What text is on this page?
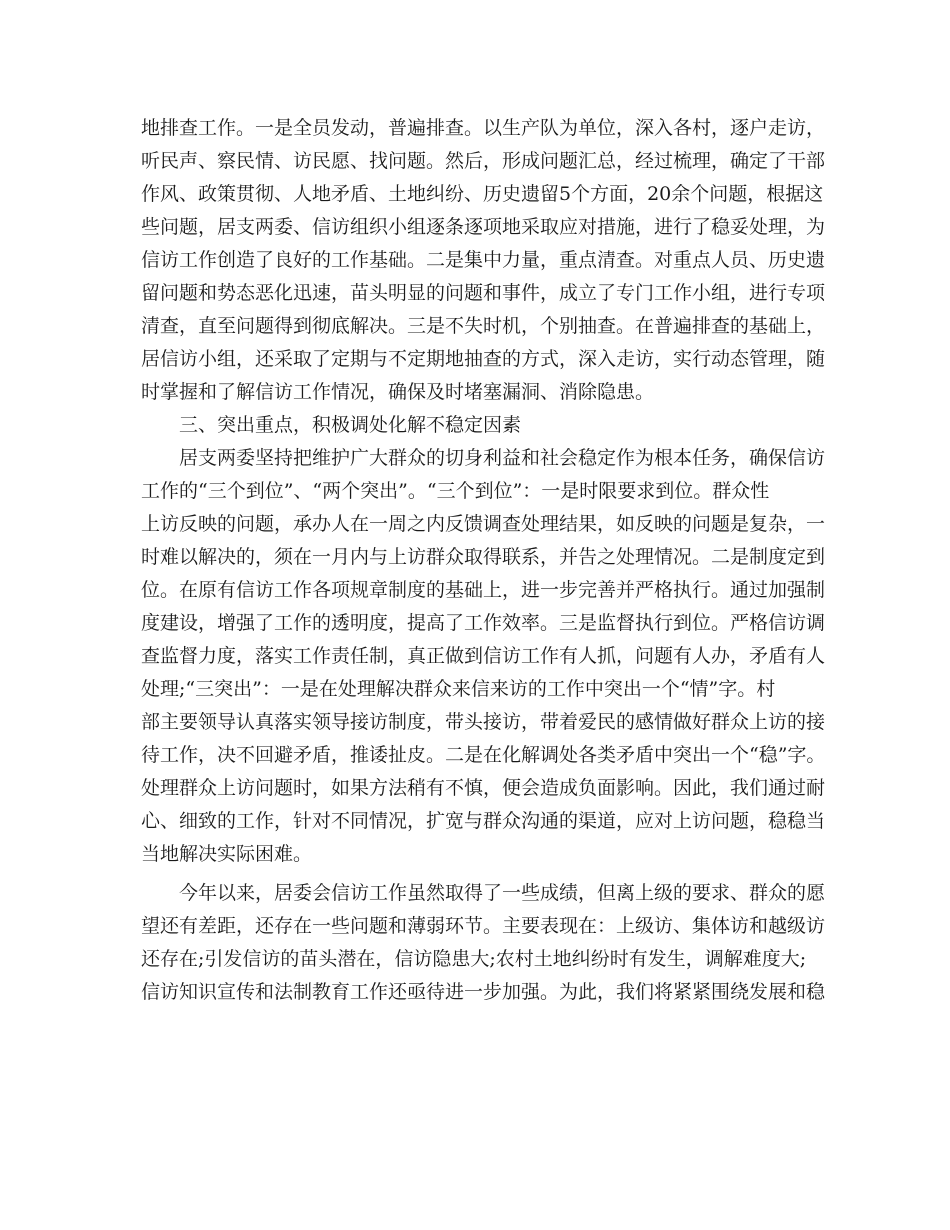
地排查工作。一是全员发动，普遍排查。以生产队为单位，深入各村，逐户走访，
听民声、察民情、访民愿、找问题。然后，形成问题汇总，经过梳理，确定了干部
作风、政策贯彻、人地矛盾、土地纠纷、历史遗留5个方面，20余个问题，根据这
些问题，居支两委、信访组织小组逐条逐项地采取应对措施，进行了稳妥处理，为
信访工作创造了良好的工作基础。二是集中力量，重点清查。对重点人员、历史遗
留问题和势态恶化迅速，苗头明显的问题和事件，成立了专门工作小组，进行专项
清查，直至问题得到彻底解决。三是不失时机，个别抽查。在普遍排查的基础上，
居信访小组，还采取了定期与不定期地抽查的方式，深入走访，实行动态管理，随
时掌握和了解信访工作情况，确保及时堵塞漏洞、消除隐患。
三、突出重点，积极调处化解不稳定因素
居支两委坚持把维护广大群众的切身利益和社会稳定作为根本任务，确保信访
工作的“三个到位”、“两个突出”。“三个到位”：一是时限要求到位。群众性
上访反映的问题，承办人在一周之内反馈调查处理结果，如反映的问题是复杂，一
时难以解决的，须在一月内与上访群众取得联系，并告之处理情况。二是制度定到
位。在原有信访工作各项规章制度的基础上，进一步完善并严格执行。通过加强制
度建设，增强了工作的透明度，提高了工作效率。三是监督执行到位。严格信访调
查监督力度，落实工作责任制，真正做到信访工作有人抓，问题有人办，矛盾有人
处理;“三突出”：一是在处理解决群众来信来访的工作中突出一个“情”字。村
部主要领导认真落实领导接访制度，带头接访，带着爱民的感情做好群众上访的接
待工作，决不回避矛盾，推诿扯皮。二是在化解调处各类矛盾中突出一个“稳”字。
处理群众上访问题时，如果方法稍有不慎，便会造成负面影响。因此，我们通过耐
心、细致的工作，针对不同情况，扩宽与群众沟通的渠道，应对上访问题，稳稳当
当地解决实际困难。
今年以来，居委会信访工作虽然取得了一些成绩，但离上级的要求、群众的愿
望还有差距，还存在一些问题和薄弱环节。主要表现在：上级访、集体访和越级访
还存在;引发信访的苗头潜在，信访隐患大;农村土地纠纷时有发生，调解难度大;
信访知识宣传和法制教育工作还亟待进一步加强。为此，我们将紧紧围绕发展和稳
